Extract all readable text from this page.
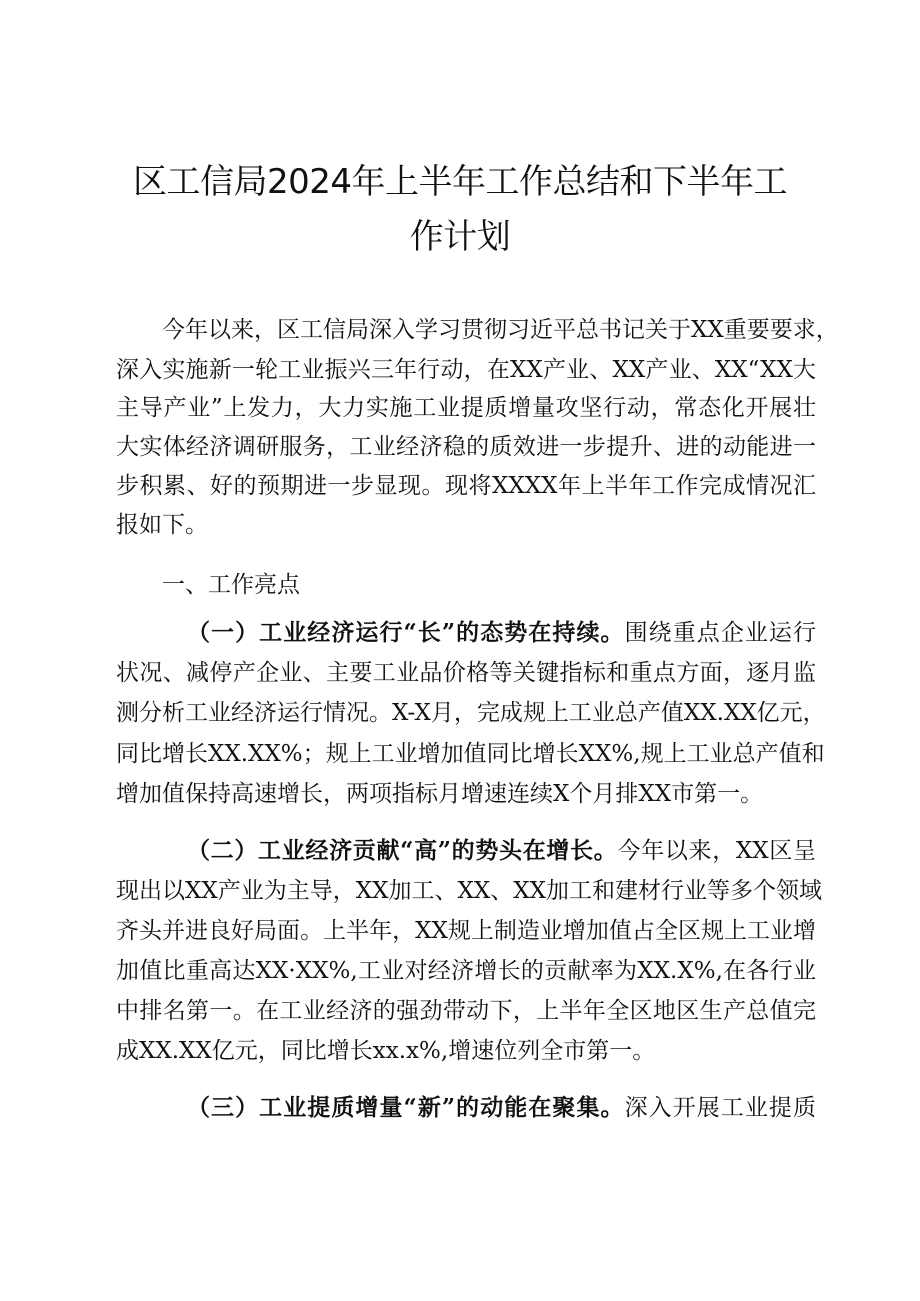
区工信局2024年上半年工作总结和下半年工
作计划
今年以来，区工信局深入学习贯彻习近平总书记关于XX重要要求，
深入实施新一轮工业振兴三年行动，在XX产业、XX产业、XX“XX大
主导产业”上发力，大力实施工业提质增量攻坚行动，常态化开展壮
大实体经济调研服务，工业经济稳的质效进一步提升、进的动能进一
步积累、好的预期进一步显现。现将XXXX年上半年工作完成情况汇
报如下。
一、工作亮点
（一）工业经济运行“长”的态势在持续。围绕重点企业运行
状况、减停产企业、主要工业品价格等关键指标和重点方面，逐月监
测分析工业经济运行情况。X-X月，完成规上工业总产值XX.XX亿元，
同比增长XX.XX%；规上工业增加值同比增长XX%,规上工业总产值和
增加值保持高速增长，两项指标月增速连续X个月排XX市第一。
（二）工业经济贡献“高”的势头在增长。今年以来，XX区呈
现出以XX产业为主导，XX加工、XX、XX加工和建材行业等多个领域
齐头并进良好局面。上半年，XX规上制造业增加值占全区规上工业增
加值比重高达XX·XX%,工业对经济增长的贡献率为XX.X%,在各行业
中排名第一。在工业经济的强劲带动下，上半年全区地区生产总值完
成XX.XX亿元，同比增长xx.x%,增速位列全市第一。
（三）工业提质增量“新”的动能在聚集。深入开展工业提质
